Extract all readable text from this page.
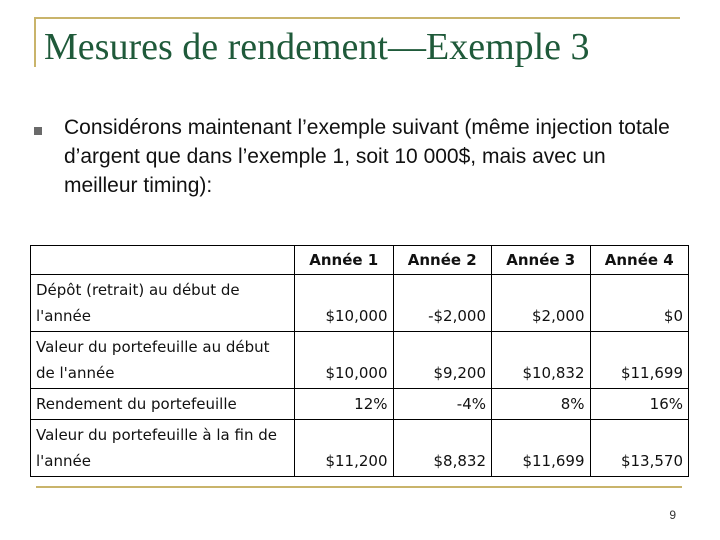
Mesures de rendement—Exemple 3

Considérons maintenant l’exemple suivant (même injection totale d’argent que dans l’exemple 1, soit 10 000$, mais avec un meilleur timing):

	Année 1	Année 2	Année 3	Année 4
Dépôt (retrait) au début de l'année	$10,000	-$2,000	$2,000	$0
Valeur du portefeuille au début de l'année	$10,000	$9,200	$10,832	$11,699
Rendement du portefeuille	12%	-4%	8%	16%
Valeur du portefeuille à la fin de l'année	$11,200	$8,832	$11,699	$13,570
9
